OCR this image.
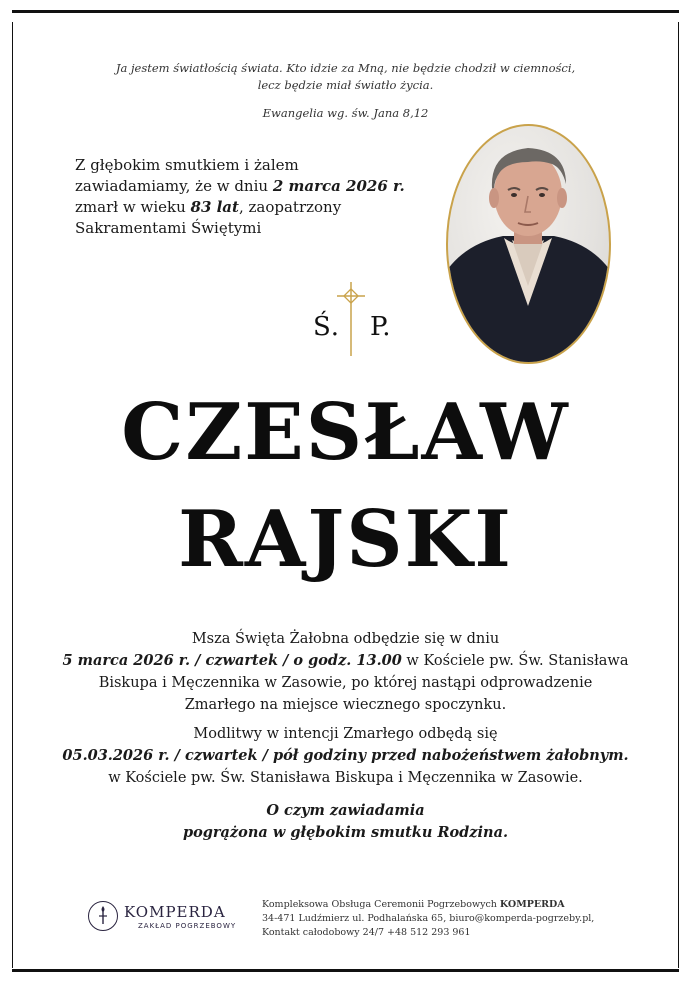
Ja jestem światłością świata. Kto idzie za Mną, nie będzie chodził w ciemności,
lecz będzie miał światło życia.
Ewangelia wg. św. Jana 8,12
Z głębokim smutkiem i żalem
zawiadamiamy, że w dniu 2 marca 2026 r.
zmarł w wieku 83 lat, zaopatrzony
Sakramentami Świętymi
Ś. P.
CZESŁAW
RAJSKI
Msza Święta Żałobna odbędzie się w dniu
5 marca 2026 r. / czwartek / o godz. 13.00 w Kościele pw. Św. Stanisława
Biskupa i Męczennika w Zasowie, po której nastąpi odprowadzenie
Zmarłego na miejsce wiecznego spoczynku.
Modlitwy w intencji Zmarłego odbędą się
05.03.2026 r. / czwartek / pół godziny przed nabożeństwem żałobnym.
w Kościele pw. Św. Stanisława Biskupa i Męczennika w Zasowie.
O czym zawiadamia
pogrążona w głębokim smutku Rodzina.
KOMPERDA
ZAKŁAD POGRZEBOWY
Kompleksowa Obsługa Ceremonii Pogrzebowych KOMPERDA
34-471 Ludźmierz ul. Podhalańska 65, biuro@komperda-pogrzeby.pl,
Kontakt całodobowy 24/7 +48 512 293 961
